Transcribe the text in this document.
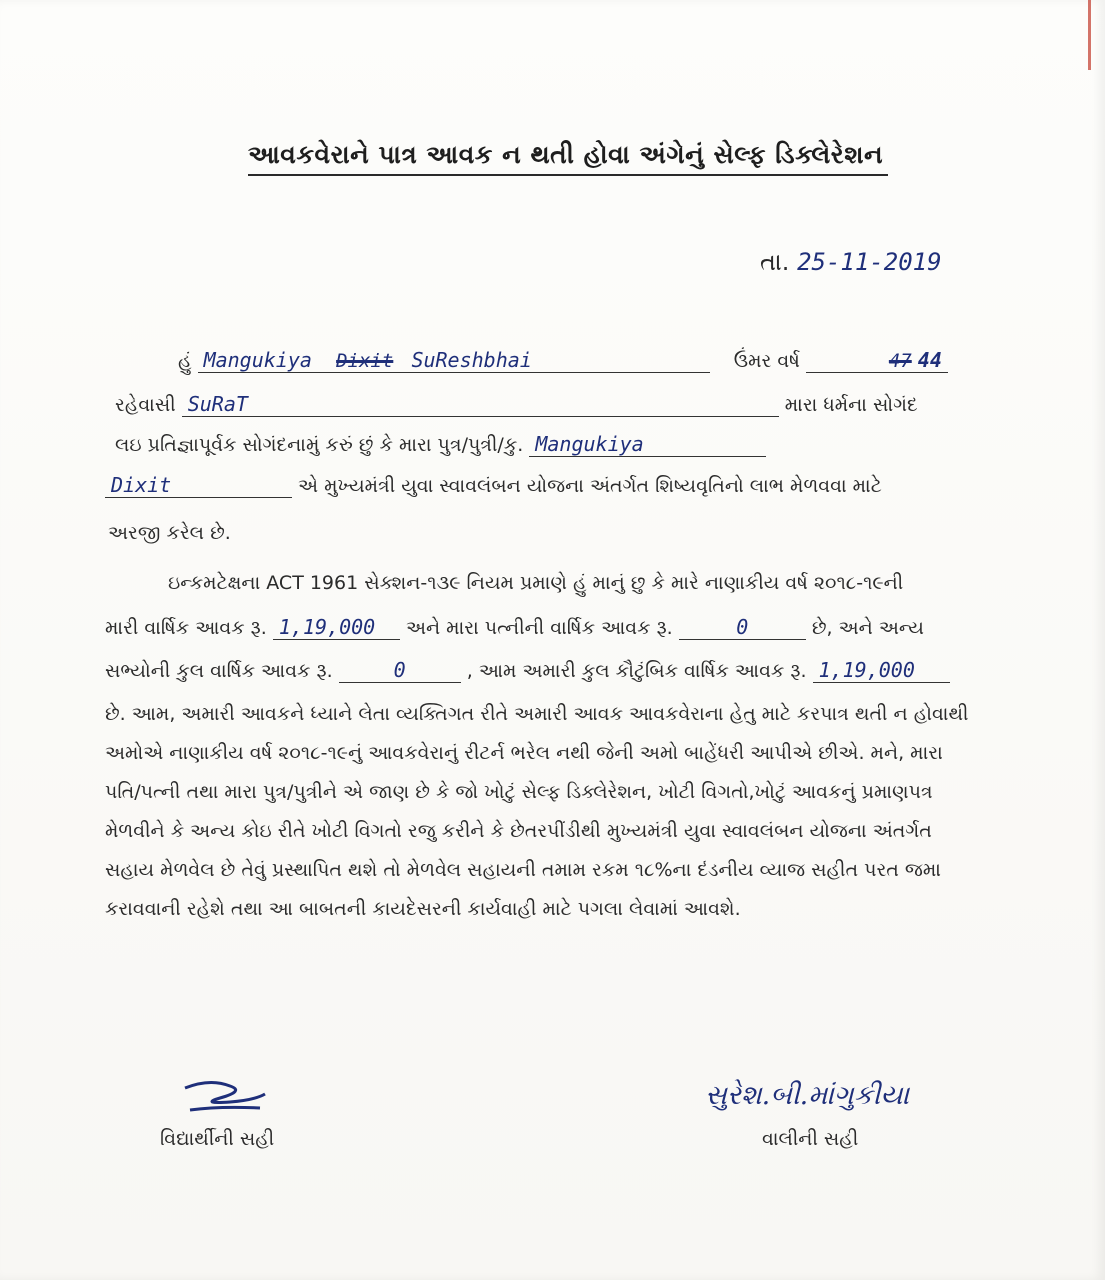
આવકવેરાને પાત્ર આવક ન થતી હોવા અંગેનું સેલ્ફ ડિક્લેરેશન
તા. 25-11-2019
હું Mangukiya Dixit SuReshbhai	ઉંમર વર્ષ	47 44
રહેવાસી SuRaT	મારા ધર્મના સોગંદ
લઇ પ્રતિજ્ઞાપૂર્વક સોગંદનામું કરું છું કે મારા પુત્ર/પુત્રી/કુ. Mangukiya
Dixit	એ મુખ્યમંત્રી યુવા સ્વાવલંબન યોજના અંતર્ગત શિષ્યવૃતિનો લાભ મેળવવા માટે
અરજી કરેલ છે.
ઇન્કમટેક્ષના ACT 1961 સેક્શન-૧૩૯ નિયમ પ્રમાણે હું માનું છુ કે મારે નાણાકીય વર્ષ ૨૦૧૮-૧૯ની
મારી વાર્ષિક આવક રૂ. 1,19,000 અને મારા પત્નીની વાર્ષિક આવક રૂ.	0	છે, અને અન્ય
સભ્યોની કુલ વાર્ષિક આવક રૂ.	0	, આમ અમારી કુલ કૌટુંબિક વાર્ષિક આવક રૂ. 1,19,000
છે. આમ, અમારી આવકને ધ્યાને લેતા વ્યક્તિગત રીતે અમારી આવક આવકવેરાના હેતુ માટે કરપાત્ર થતી ન હોવાથી અમોએ નાણાકીય વર્ષ ૨૦૧૮-૧૯નું આવકવેરાનું રીટર્ન ભરેલ નથી જેની અમો બાહેંધરી આપીએ છીએ. મને, મારા પતિ/પત્ની તથા મારા પુત્ર/પુત્રીને એ જાણ છે કે જો ખોટું સેલ્ફ ડિક્લેરેશન, ખોટી વિગતો,ખોટું આવકનું પ્રમાણપત્ર મેળવીને કે અન્ય કોઇ રીતે ખોટી વિગતો રજુ કરીને કે છેતરપીંડીથી મુખ્યમંત્રી યુવા સ્વાવલંબન યોજના અંતર્ગત સહાય મેળવેલ છે તેવું પ્રસ્થાપિત થશે તો મેળવેલ સહાયની તમામ રકમ ૧૮%ના દંડનીય વ્યાજ સહીત પરત જમા કરાવવાની રહેશે તથા આ બાબતની કાયદેસરની કાર્યવાહી માટે પગલા લેવામાં આવશે.
વિદ્યાર્થીની સહી
સુરેશ.બી.માંગુકીયા
વાલીની સહી
